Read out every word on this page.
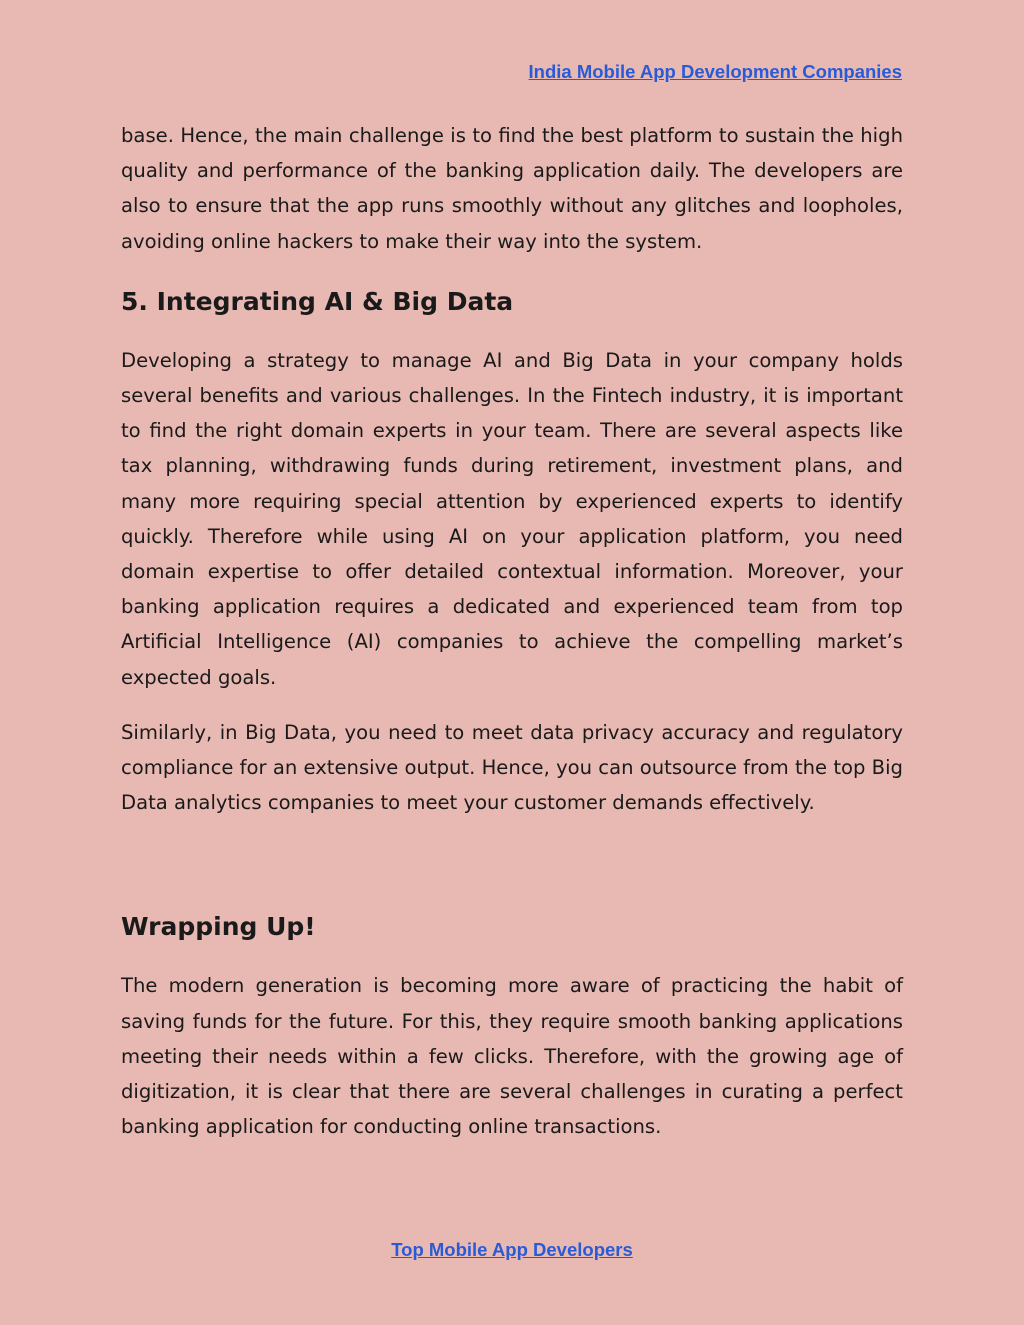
India Mobile App Development Companies

base. Hence, the main challenge is to find the best platform to sustain the high quality and performance of the banking application daily. The developers are also to ensure that the app runs smoothly without any glitches and loopholes, avoiding online hackers to make their way into the system.

5. Integrating AI & Big Data

Developing a strategy to manage AI and Big Data in your company holds several benefits and various challenges. In the Fintech industry, it is important to find the right domain experts in your team. There are several aspects like tax planning, withdrawing funds during retirement, investment plans, and many more requiring special attention by experienced experts to identify quickly. Therefore while using AI on your application platform, you need domain expertise to offer detailed contextual information. Moreover, your banking application requires a dedicated and experienced team from top Artificial Intelligence (AI) companies to achieve the compelling market’s expected goals.

Similarly, in Big Data, you need to meet data privacy accuracy and regulatory compliance for an extensive output. Hence, you can outsource from the top Big Data analytics companies to meet your customer demands effectively.

Wrapping Up!

The modern generation is becoming more aware of practicing the habit of saving funds for the future. For this, they require smooth banking applications meeting their needs within a few clicks. Therefore, with the growing age of digitization, it is clear that there are several challenges in curating a perfect banking application for conducting online transactions.

Top Mobile App Developers
